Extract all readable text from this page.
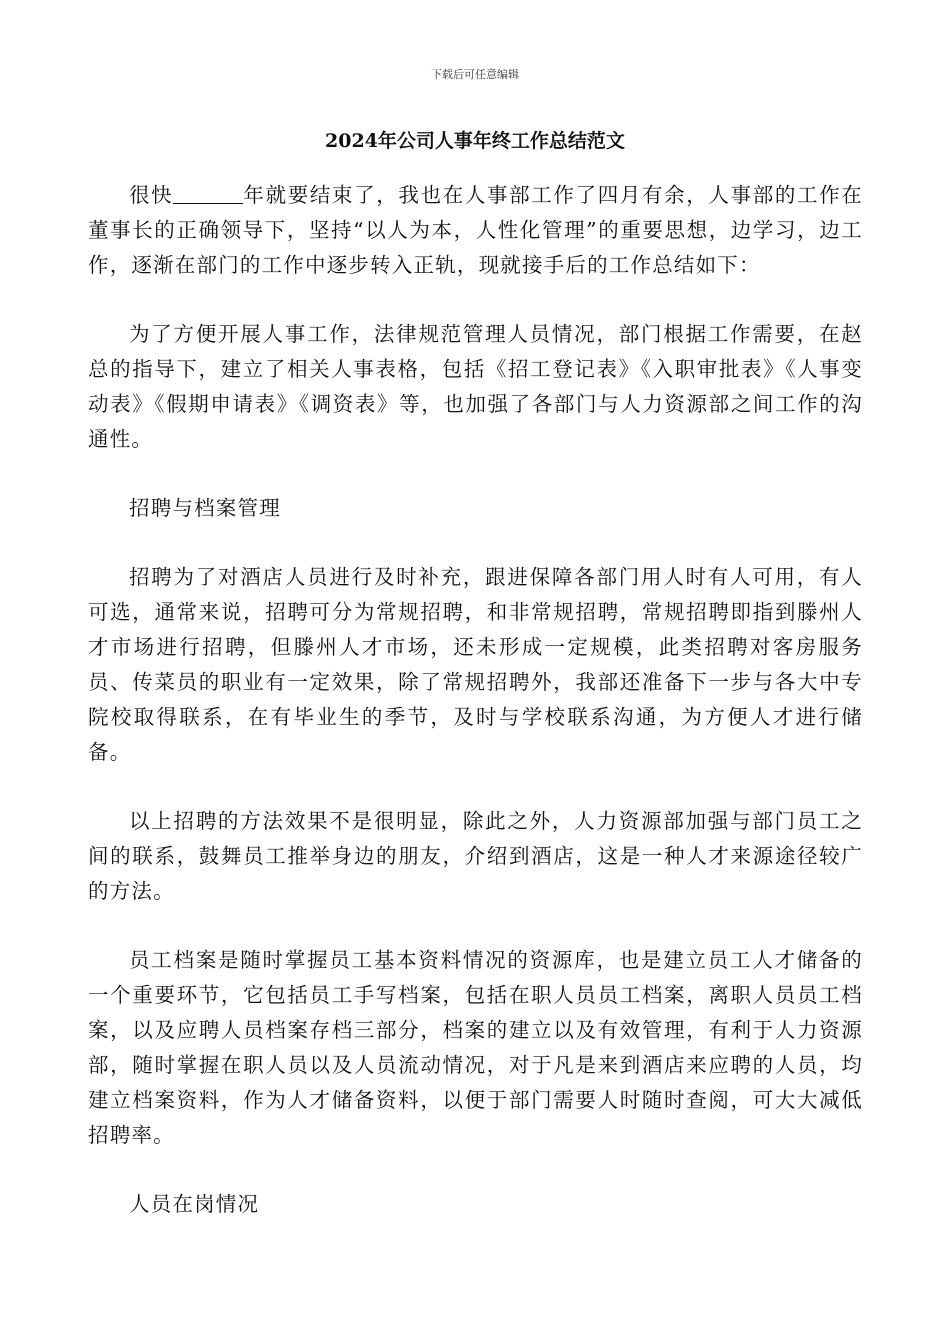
下载后可任意编辑
2024年公司人事年终工作总结范文

很快	年就要结束了，我也在人事部工作了四月有余，人事部的工作在董事长的正确领导下，坚持“以人为本，人性化管理”的重要思想，边学习，边工作，逐渐在部门的工作中逐步转入正轨，现就接手后的工作总结如下：

为了方便开展人事工作，法律规范管理人员情况，部门根据工作需要，在赵总的指导下，建立了相关人事表格，包括《招工登记表》《入职审批表》《人事变动表》《假期申请表》《调资表》等，也加强了各部门与人力资源部之间工作的沟通性。

招聘与档案管理

招聘为了对酒店人员进行及时补充，跟进保障各部门用人时有人可用，有人可选，通常来说，招聘可分为常规招聘，和非常规招聘，常规招聘即指到滕州人才市场进行招聘，但滕州人才市场，还未形成一定规模，此类招聘对客房服务员、传菜员的职业有一定效果，除了常规招聘外，我部还准备下一步与各大中专院校取得联系，在有毕业生的季节，及时与学校联系沟通，为方便人才进行储备。

以上招聘的方法效果不是很明显，除此之外，人力资源部加强与部门员工之间的联系，鼓舞员工推举身边的朋友，介绍到酒店，这是一种人才来源途径较广的方法。

员工档案是随时掌握员工基本资料情况的资源库，也是建立员工人才储备的一个重要环节，它包括员工手写档案，包括在职人员员工档案，离职人员员工档案，以及应聘人员档案存档三部分，档案的建立以及有效管理，有利于人力资源部，随时掌握在职人员以及人员流动情况，对于凡是来到酒店来应聘的人员，均建立档案资料，作为人才储备资料，以便于部门需要人时随时查阅，可大大减低招聘率。

人员在岗情况
